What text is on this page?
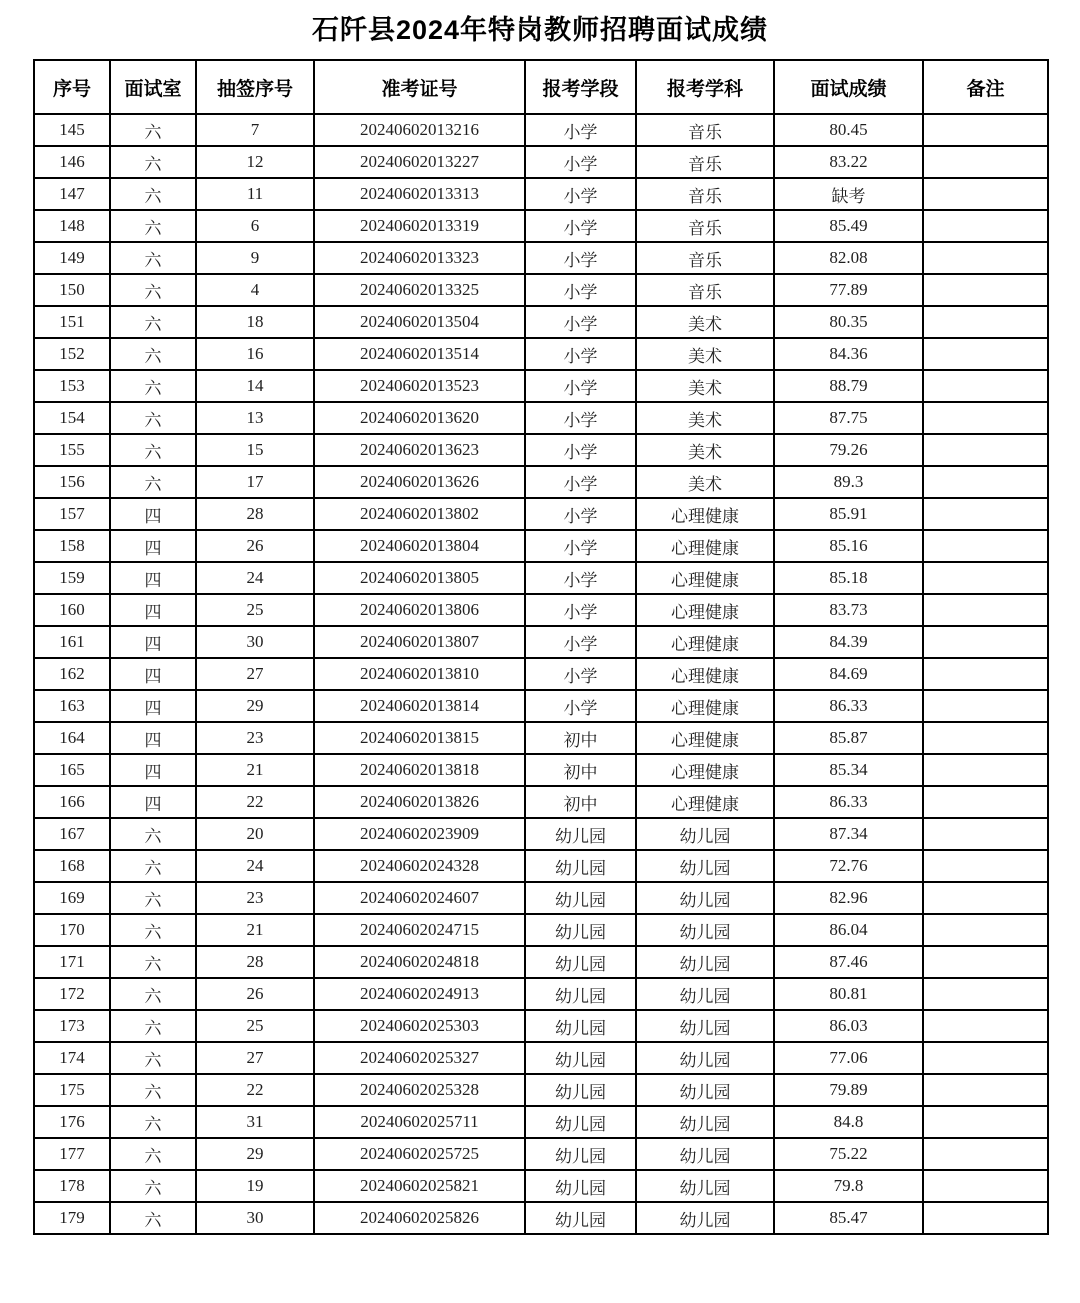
石阡县2024年特岗教师招聘面试成绩
序号	面试室	抽签序号	准考证号	报考学段	报考学科	面试成绩	备注
145	六	7	20240602013216	小学	音乐	80.45	
146	六	12	20240602013227	小学	音乐	83.22	
147	六	11	20240602013313	小学	音乐	缺考	
148	六	6	20240602013319	小学	音乐	85.49	
149	六	9	20240602013323	小学	音乐	82.08	
150	六	4	20240602013325	小学	音乐	77.89	
151	六	18	20240602013504	小学	美术	80.35	
152	六	16	20240602013514	小学	美术	84.36	
153	六	14	20240602013523	小学	美术	88.79	
154	六	13	20240602013620	小学	美术	87.75	
155	六	15	20240602013623	小学	美术	79.26	
156	六	17	20240602013626	小学	美术	89.3	
157	四	28	20240602013802	小学	心理健康	85.91	
158	四	26	20240602013804	小学	心理健康	85.16	
159	四	24	20240602013805	小学	心理健康	85.18	
160	四	25	20240602013806	小学	心理健康	83.73	
161	四	30	20240602013807	小学	心理健康	84.39	
162	四	27	20240602013810	小学	心理健康	84.69	
163	四	29	20240602013814	小学	心理健康	86.33	
164	四	23	20240602013815	初中	心理健康	85.87	
165	四	21	20240602013818	初中	心理健康	85.34	
166	四	22	20240602013826	初中	心理健康	86.33	
167	六	20	20240602023909	幼儿园	幼儿园	87.34	
168	六	24	20240602024328	幼儿园	幼儿园	72.76	
169	六	23	20240602024607	幼儿园	幼儿园	82.96	
170	六	21	20240602024715	幼儿园	幼儿园	86.04	
171	六	28	20240602024818	幼儿园	幼儿园	87.46	
172	六	26	20240602024913	幼儿园	幼儿园	80.81	
173	六	25	20240602025303	幼儿园	幼儿园	86.03	
174	六	27	20240602025327	幼儿园	幼儿园	77.06	
175	六	22	20240602025328	幼儿园	幼儿园	79.89	
176	六	31	20240602025711	幼儿园	幼儿园	84.8	
177	六	29	20240602025725	幼儿园	幼儿园	75.22	
178	六	19	20240602025821	幼儿园	幼儿园	79.8	
179	六	30	20240602025826	幼儿园	幼儿园	85.47	
